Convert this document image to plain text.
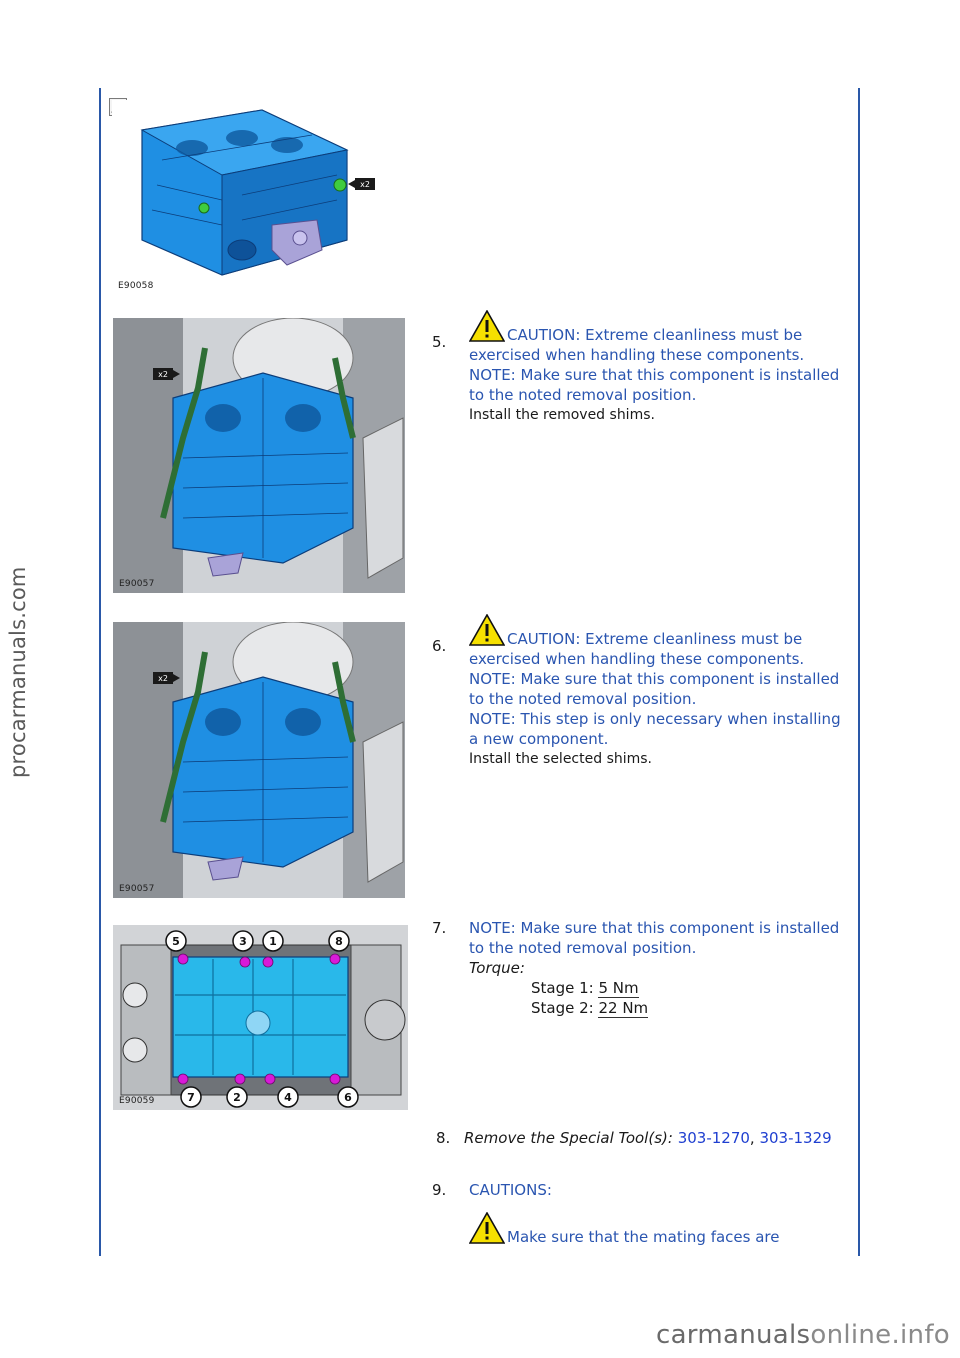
procarmanuals.com
x2
E90058
5.	CAUTION: Extreme cleanliness must be exercised when handling these components.
NOTE: Make sure that this component is installed to the noted removal position.
Install the removed shims.
x2
E90057
6.	CAUTION: Extreme cleanliness must be exercised when handling these components.
NOTE: Make sure that this component is installed to the noted removal position.
NOTE: This step is only necessary when installing a new component.
Install the selected shims.
x2
E90057
7. NOTE: Make sure that this component is installed to the noted removal position.
Torque:
Stage 1: 5 Nm
Stage 2: 22 Nm
5	3 1	8
7	2	4	6
E90059
8. Remove the Special Tool(s): 303-1270, 303-1329
9. CAUTIONS:
Make sure that the mating faces are
carmanualsonline.info
